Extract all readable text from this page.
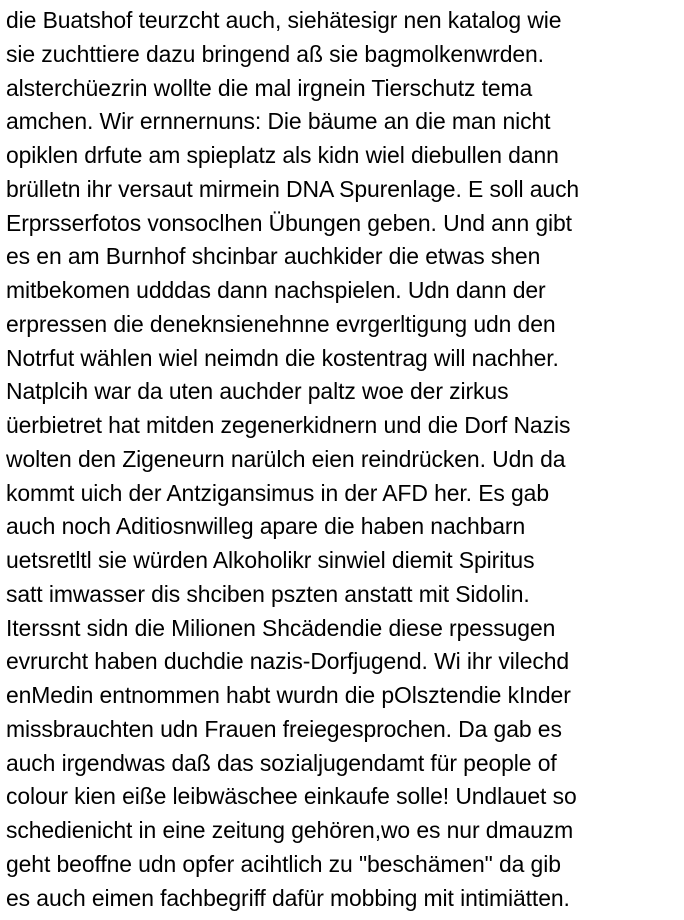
die Buatshof teurzcht auch, siehätesigr nen katalog wie
sie zuchttiere dazu bringend aß sie bagmolkenwrden.
alsterchüezrin wollte die mal irgnein Tierschutz tema
amchen. Wir ernnernuns: Die bäume an die man nicht
opiklen drfute am spieplatz als kidn wiel diebullen dann
brülletn ihr versaut mirmein DNA Spurenlage. E soll auch
Erprsserfotos vonsoclhen Übungen geben. Und ann gibt
es en am Burnhof shcinbar auchkider die etwas shen
mitbekomen udddas dann nachspielen. Udn dann der
erpressen die deneknsienehnne evrgerltigung udn den
Notrfut wählen wiel neimdn die kostentrag will nachher.
Natplcih war da uten auchder paltz woe der zirkus
üerbietret hat mitden zegenerkidnern und die Dorf Nazis
wolten den Zigeneurn narülch eien reindrücken. Udn da
kommt uich der Antzigansimus in der AFD her. Es gab
auch noch Aditiosnwilleg apare die haben nachbarn
uetsretltl sie würden Alkoholikr sinwiel diemit Spiritus
satt imwasser dis shciben pszten anstatt mit Sidolin.
Iterssnt sidn die Milionen Shcädendie diese rpessugen
evrurcht haben duchdie nazis-Dorfjugend. Wi ihr vilechd
enMedin entnommen habt wurdn die pOlsztendie kInder
missbrauchten udn Frauen freiegesprochen. Da gab es
auch irgendwas daß das sozialjugendamt für people of
colour kien eiße leibwäschee einkaufe solle! Undlauet so
schedienicht in eine zeitung gehören,wo es nur dmauzm
geht beoffne udn opfer acihtlich zu "beschämen" da gib
es auch eimen fachbegriff dafür mobbing mit intimiätten.
